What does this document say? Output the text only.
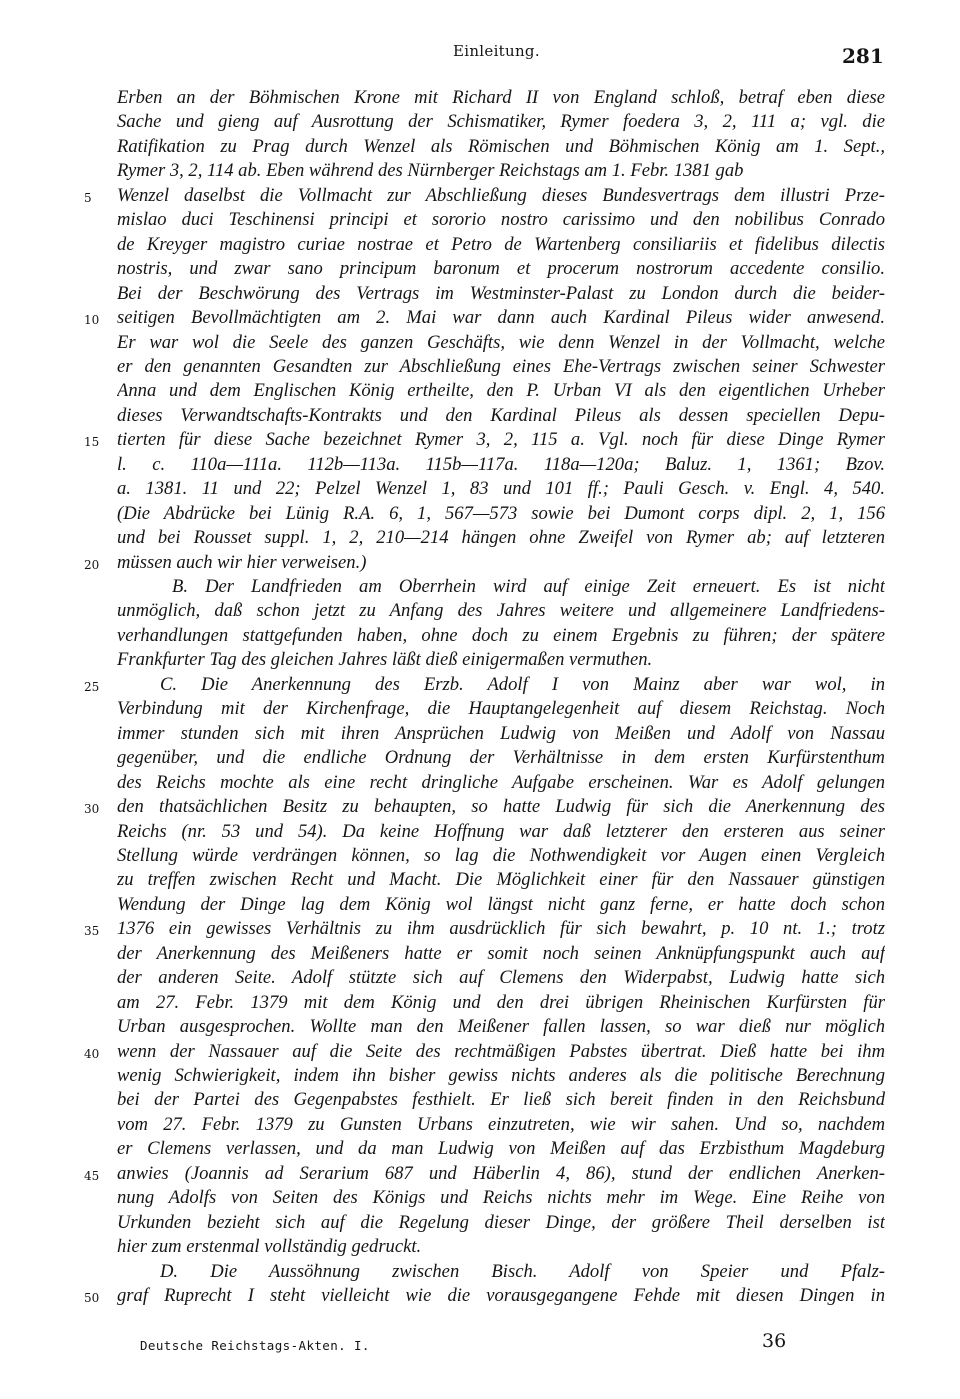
Einleitung.	281
Erben an der Böhmischen Krone mit Richard II von England schloß, betraf eben diese
Sache und gieng auf Ausrottung der Schismatiker, Rymer foedera 3, 2, 111 a; vgl. die
Ratifikation zu Prag durch Wenzel als Römischen und Böhmischen König am 1. Sept.,
Rymer 3, 2, 114 ab. Eben während des Nürnberger Reichstags am 1. Febr. 1381 gab
Wenzel daselbst die Vollmacht zur Abschließung dieses Bundesvertrags dem illustri Prze-
mislao duci Teschinensi principi et sororio nostro carissimo und den nobilibus Conrado
de Kreyger magistro curiae nostrae et Petro de Wartenberg consiliariis et fidelibus dilectis
nostris, und zwar sano principum baronum et procerum nostrorum accedente consilio.
Bei der Beschwörung des Vertrags im Westminster-Palast zu London durch die beider-
seitigen Bevollmächtigten am 2. Mai war dann auch Kardinal Pileus wider anwesend.
Er war wol die Seele des ganzen Geschäfts, wie denn Wenzel in der Vollmacht, welche
er den genannten Gesandten zur Abschließung eines Ehe-Vertrags zwischen seiner Schwester
Anna und dem Englischen König ertheilte, den P. Urban VI als den eigentlichen Urheber
dieses Verwandtschafts-Kontrakts und den Kardinal Pileus als dessen speciellen Depu-
tierten für diese Sache bezeichnet Rymer 3, 2, 115 a. Vgl. noch für diese Dinge Rymer
l. c. 110a—111a. 112b—113a. 115b—117a. 118a—120a; Baluz. 1, 1361; Bzov.
a. 1381. 11 und 22; Pelzel Wenzel 1, 83 und 101 ff.; Pauli Gesch. v. Engl. 4, 540.
(Die Abdrücke bei Lünig R.A. 6, 1, 567—573 sowie bei Dumont corps dipl. 2, 1, 156
und bei Rousset suppl. 1, 2, 210—214 hängen ohne Zweifel von Rymer ab; auf letzteren
müssen auch wir hier verweisen.)
B. Der Landfrieden am Oberrhein wird auf einige Zeit erneuert. Es ist nicht
unmöglich, daß schon jetzt zu Anfang des Jahres weitere und allgemeinere Landfriedens-
verhandlungen stattgefunden haben, ohne doch zu einem Ergebnis zu führen; der spätere
Frankfurter Tag des gleichen Jahres läßt dieß einigermaßen vermuthen.
C. Die Anerkennung des Erzb. Adolf I von Mainz aber war wol, in
Verbindung mit der Kirchenfrage, die Hauptangelegenheit auf diesem Reichstag. Noch
immer stunden sich mit ihren Ansprüchen Ludwig von Meißen und Adolf von Nassau
gegenüber, und die endliche Ordnung der Verhältnisse in dem ersten Kurfürstenthum
des Reichs mochte als eine recht dringliche Aufgabe erscheinen. War es Adolf gelungen
den thatsächlichen Besitz zu behaupten, so hatte Ludwig für sich die Anerkennung des
Reichs (nr. 53 und 54). Da keine Hoffnung war daß letzterer den ersteren aus seiner
Stellung würde verdrängen können, so lag die Nothwendigkeit vor Augen einen Vergleich
zu treffen zwischen Recht und Macht. Die Möglichkeit einer für den Nassauer günstigen
Wendung der Dinge lag dem König wol längst nicht ganz ferne, er hatte doch schon
1376 ein gewisses Verhältnis zu ihm ausdrücklich für sich bewahrt, p. 10 nt. 1.; trotz
der Anerkennung des Meißeners hatte er somit noch seinen Anknüpfungspunkt auch auf
der anderen Seite. Adolf stützte sich auf Clemens den Widerpabst, Ludwig hatte sich
am 27. Febr. 1379 mit dem König und den drei übrigen Rheinischen Kurfürsten für
Urban ausgesprochen. Wollte man den Meißener fallen lassen, so war dieß nur möglich
wenn der Nassauer auf die Seite des rechtmäßigen Pabstes übertrat. Dieß hatte bei ihm
wenig Schwierigkeit, indem ihn bisher gewiss nichts anderes als die politische Berechnung
bei der Partei des Gegenpabstes festhielt. Er ließ sich bereit finden in den Reichsbund
vom 27. Febr. 1379 zu Gunsten Urbans einzutreten, wie wir sahen. Und so, nachdem
er Clemens verlassen, und da man Ludwig von Meißen auf das Erzbisthum Magdeburg
anwies (Joannis ad Serarium 687 und Häberlin 4, 86), stund der endlichen Anerken-
nung Adolfs von Seiten des Königs und Reichs nichts mehr im Wege. Eine Reihe von
Urkunden bezieht sich auf die Regelung dieser Dinge, der größere Theil derselben ist
hier zum erstenmal vollständig gedruckt.
D. Die Aussöhnung zwischen Bisch. Adolf von Speier und Pfalz-
graf Ruprecht I steht vielleicht wie die vorausgegangene Fehde mit diesen Dingen in
5
10
15
20
25
30
35
40
45
50
Deutsche Reichstags-Akten. I.	36
